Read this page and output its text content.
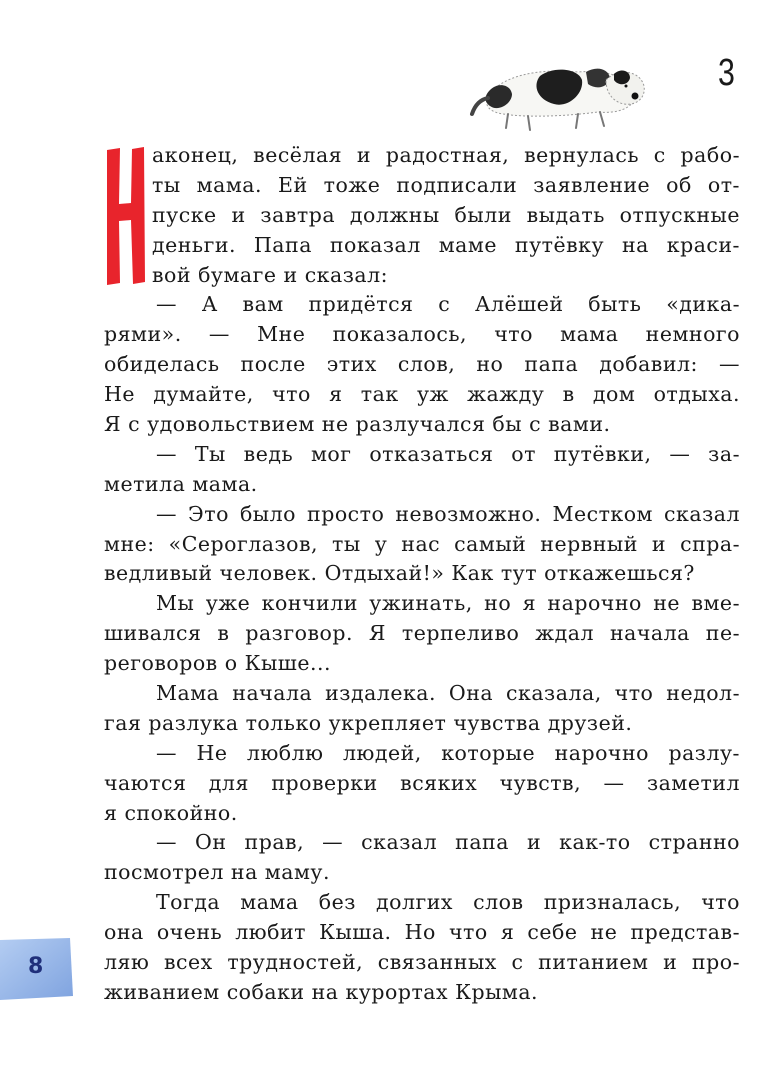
3
Н	аконец, весёлая и радостная, вернулась с рабо-
ты мама. Ей тоже подписали заявление об от-
пуске и завтра должны были выдать отпускные
деньги. Папа показал маме путёвку на краси-
вой бумаге и сказал:
— А вам придётся с Алёшей быть «дика-
рями». — Мне показалось, что мама немного
обиделась после этих слов, но папа добавил: —
Не думайте, что я так уж жажду в дом отдыха.
Я с удовольствием не разлучался бы с вами.
— Ты ведь мог отказаться от путёвки, — за-
метила мама.
— Это было просто невозможно. Местком сказал
мне: «Сероглазов, ты у нас самый нервный и спра-
ведливый человек. Отдыхай!» Как тут откажешься?
Мы уже кончили ужинать, но я нарочно не вме-
шивался в разговор. Я терпеливо ждал начала пе-
реговоров о Кыше...
Мама начала издалека. Она сказала, что недол-
гая разлука только укрепляет чувства друзей.
— Не люблю людей, которые нарочно разлу-
чаются для проверки всяких чувств, — заметил
я спокойно.
— Он прав, — сказал папа и как-то странно
посмотрел на маму.
Тогда мама без долгих слов призналась, что
она очень любит Кыша. Но что я себе не представ-
ляю всех трудностей, связанных с питанием и про-
живанием собаки на курортах Крыма.
8
